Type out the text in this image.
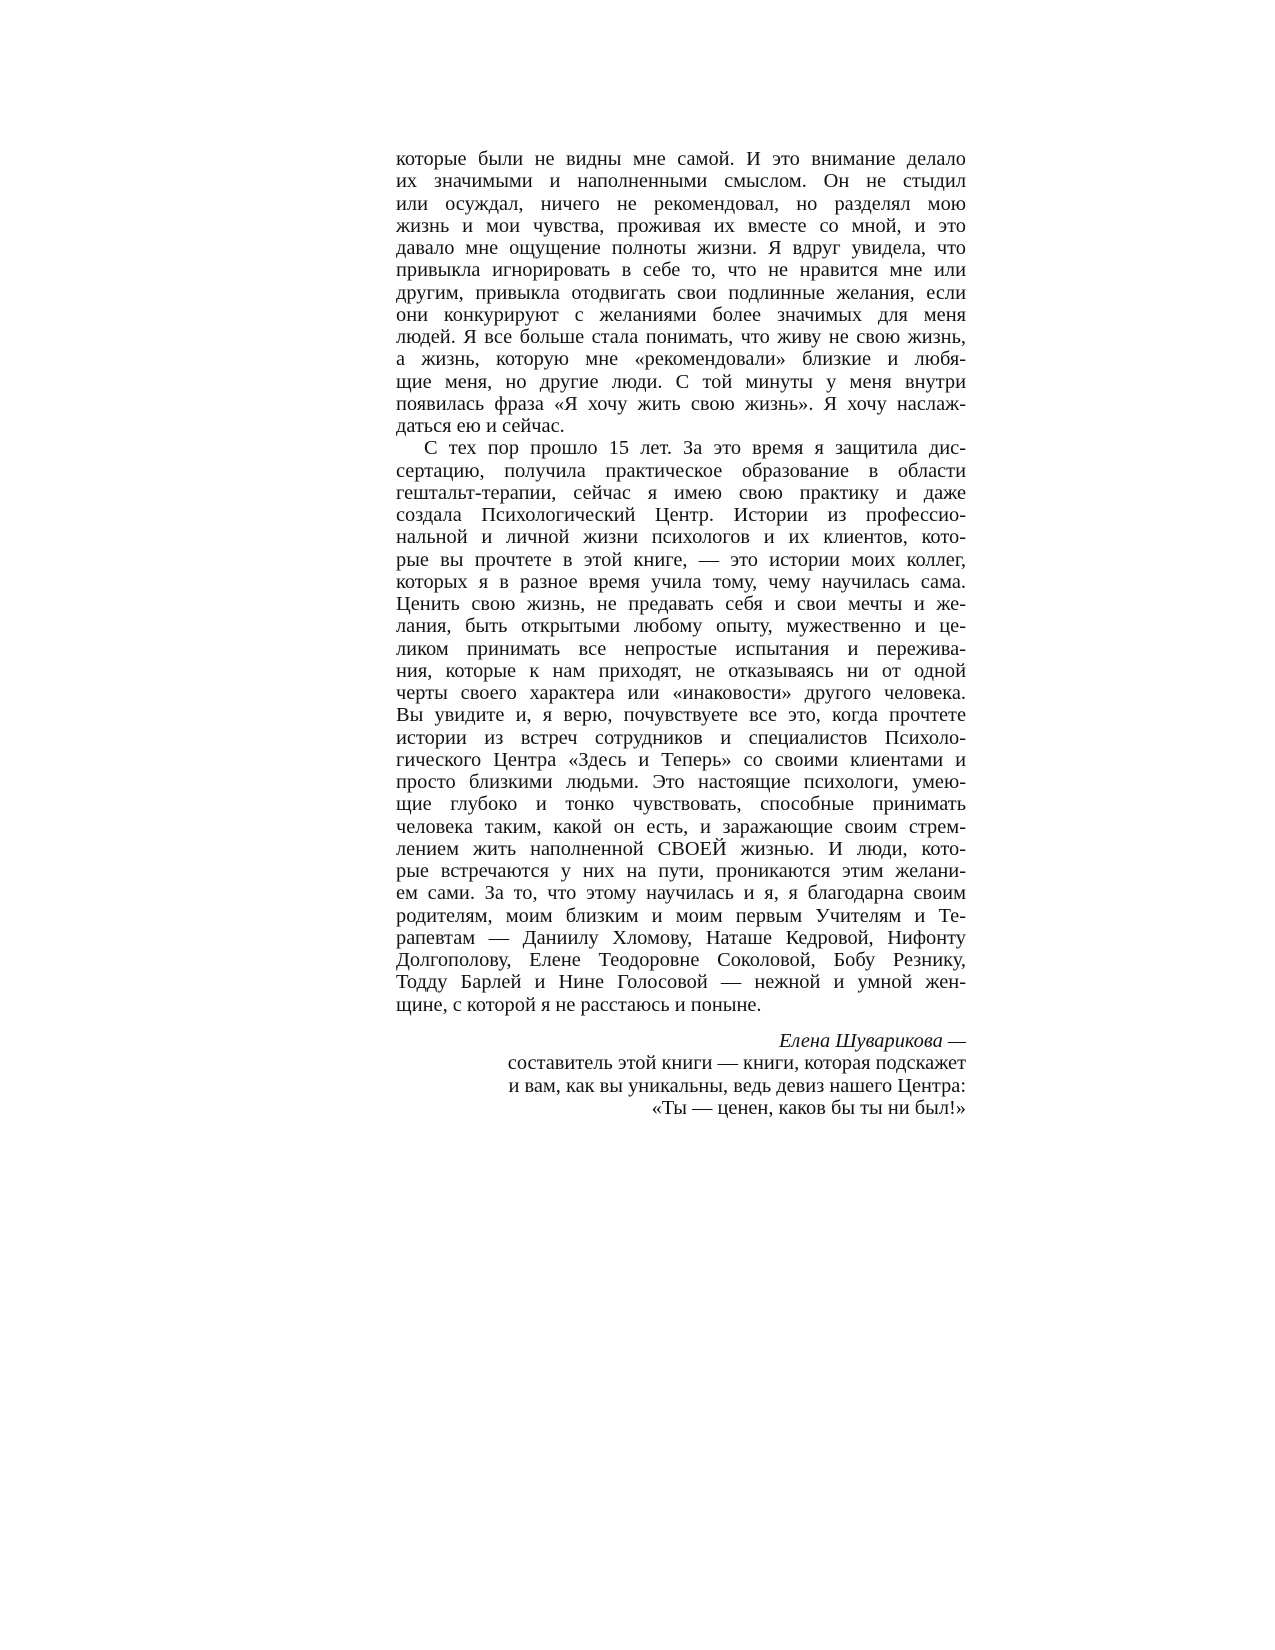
которые были не видны мне самой. И это внимание делало
их значимыми и наполненными смыслом. Он не стыдил
или осуждал, ничего не рекомендовал, но разделял мою
жизнь и мои чувства, проживая их вместе со мной, и это
давало мне ощущение полноты жизни. Я вдруг увидела, что
привыкла игнорировать в себе то, что не нравится мне или
другим, привыкла отодвигать свои подлинные желания, если
они конкурируют с желаниями более значимых для меня
людей. Я все больше стала понимать, что живу не свою жизнь,
а жизнь, которую мне «рекомендовали» близкие и любя-
щие меня, но другие люди. С той минуты у меня внутри
появилась фраза «Я хочу жить свою жизнь». Я хочу наслаж-
даться ею и сейчас.
С тех пор прошло 15 лет. За это время я защитила дис-
сертацию, получила практическое образование в области
гештальт-терапии, сейчас я имею свою практику и даже
создала Психологический Центр. Истории из профессио-
нальной и личной жизни психологов и их клиентов, кото-
рые вы прочтете в этой книге, — это истории моих коллег,
которых я в разное время учила тому, чему научилась сама.
Ценить свою жизнь, не предавать себя и свои мечты и же-
лания, быть открытыми любому опыту, мужественно и це-
ликом принимать все непростые испытания и пережива-
ния, которые к нам приходят, не отказываясь ни от одной
черты своего характера или «инаковости» другого человека.
Вы увидите и, я верю, почувствуете все это, когда прочтете
истории из встреч сотрудников и специалистов Психоло-
гического Центра «Здесь и Теперь» со своими клиентами и
просто близкими людьми. Это настоящие психологи, умею-
щие глубоко и тонко чувствовать, способные принимать
человека таким, какой он есть, и заражающие своим стрем-
лением жить наполненной СВОЕЙ жизнью. И люди, кото-
рые встречаются у них на пути, проникаются этим желани-
ем сами. За то, что этому научилась и я, я благодарна своим
родителям, моим близким и моим первым Учителям и Те-
рапевтам — Даниилу Хломову, Наташе Кедровой, Нифонту
Долгополову, Елене Теодоровне Соколовой, Бобу Резнику,
Тодду Барлей и Нине Голосовой — нежной и умной жен-
щине, с которой я не расстаюсь и поныне.
Елена Шуварикова —
составитель этой книги — книги, которая подскажет
и вам, как вы уникальны, ведь девиз нашего Центра:
«Ты — ценен, каков бы ты ни был!»
